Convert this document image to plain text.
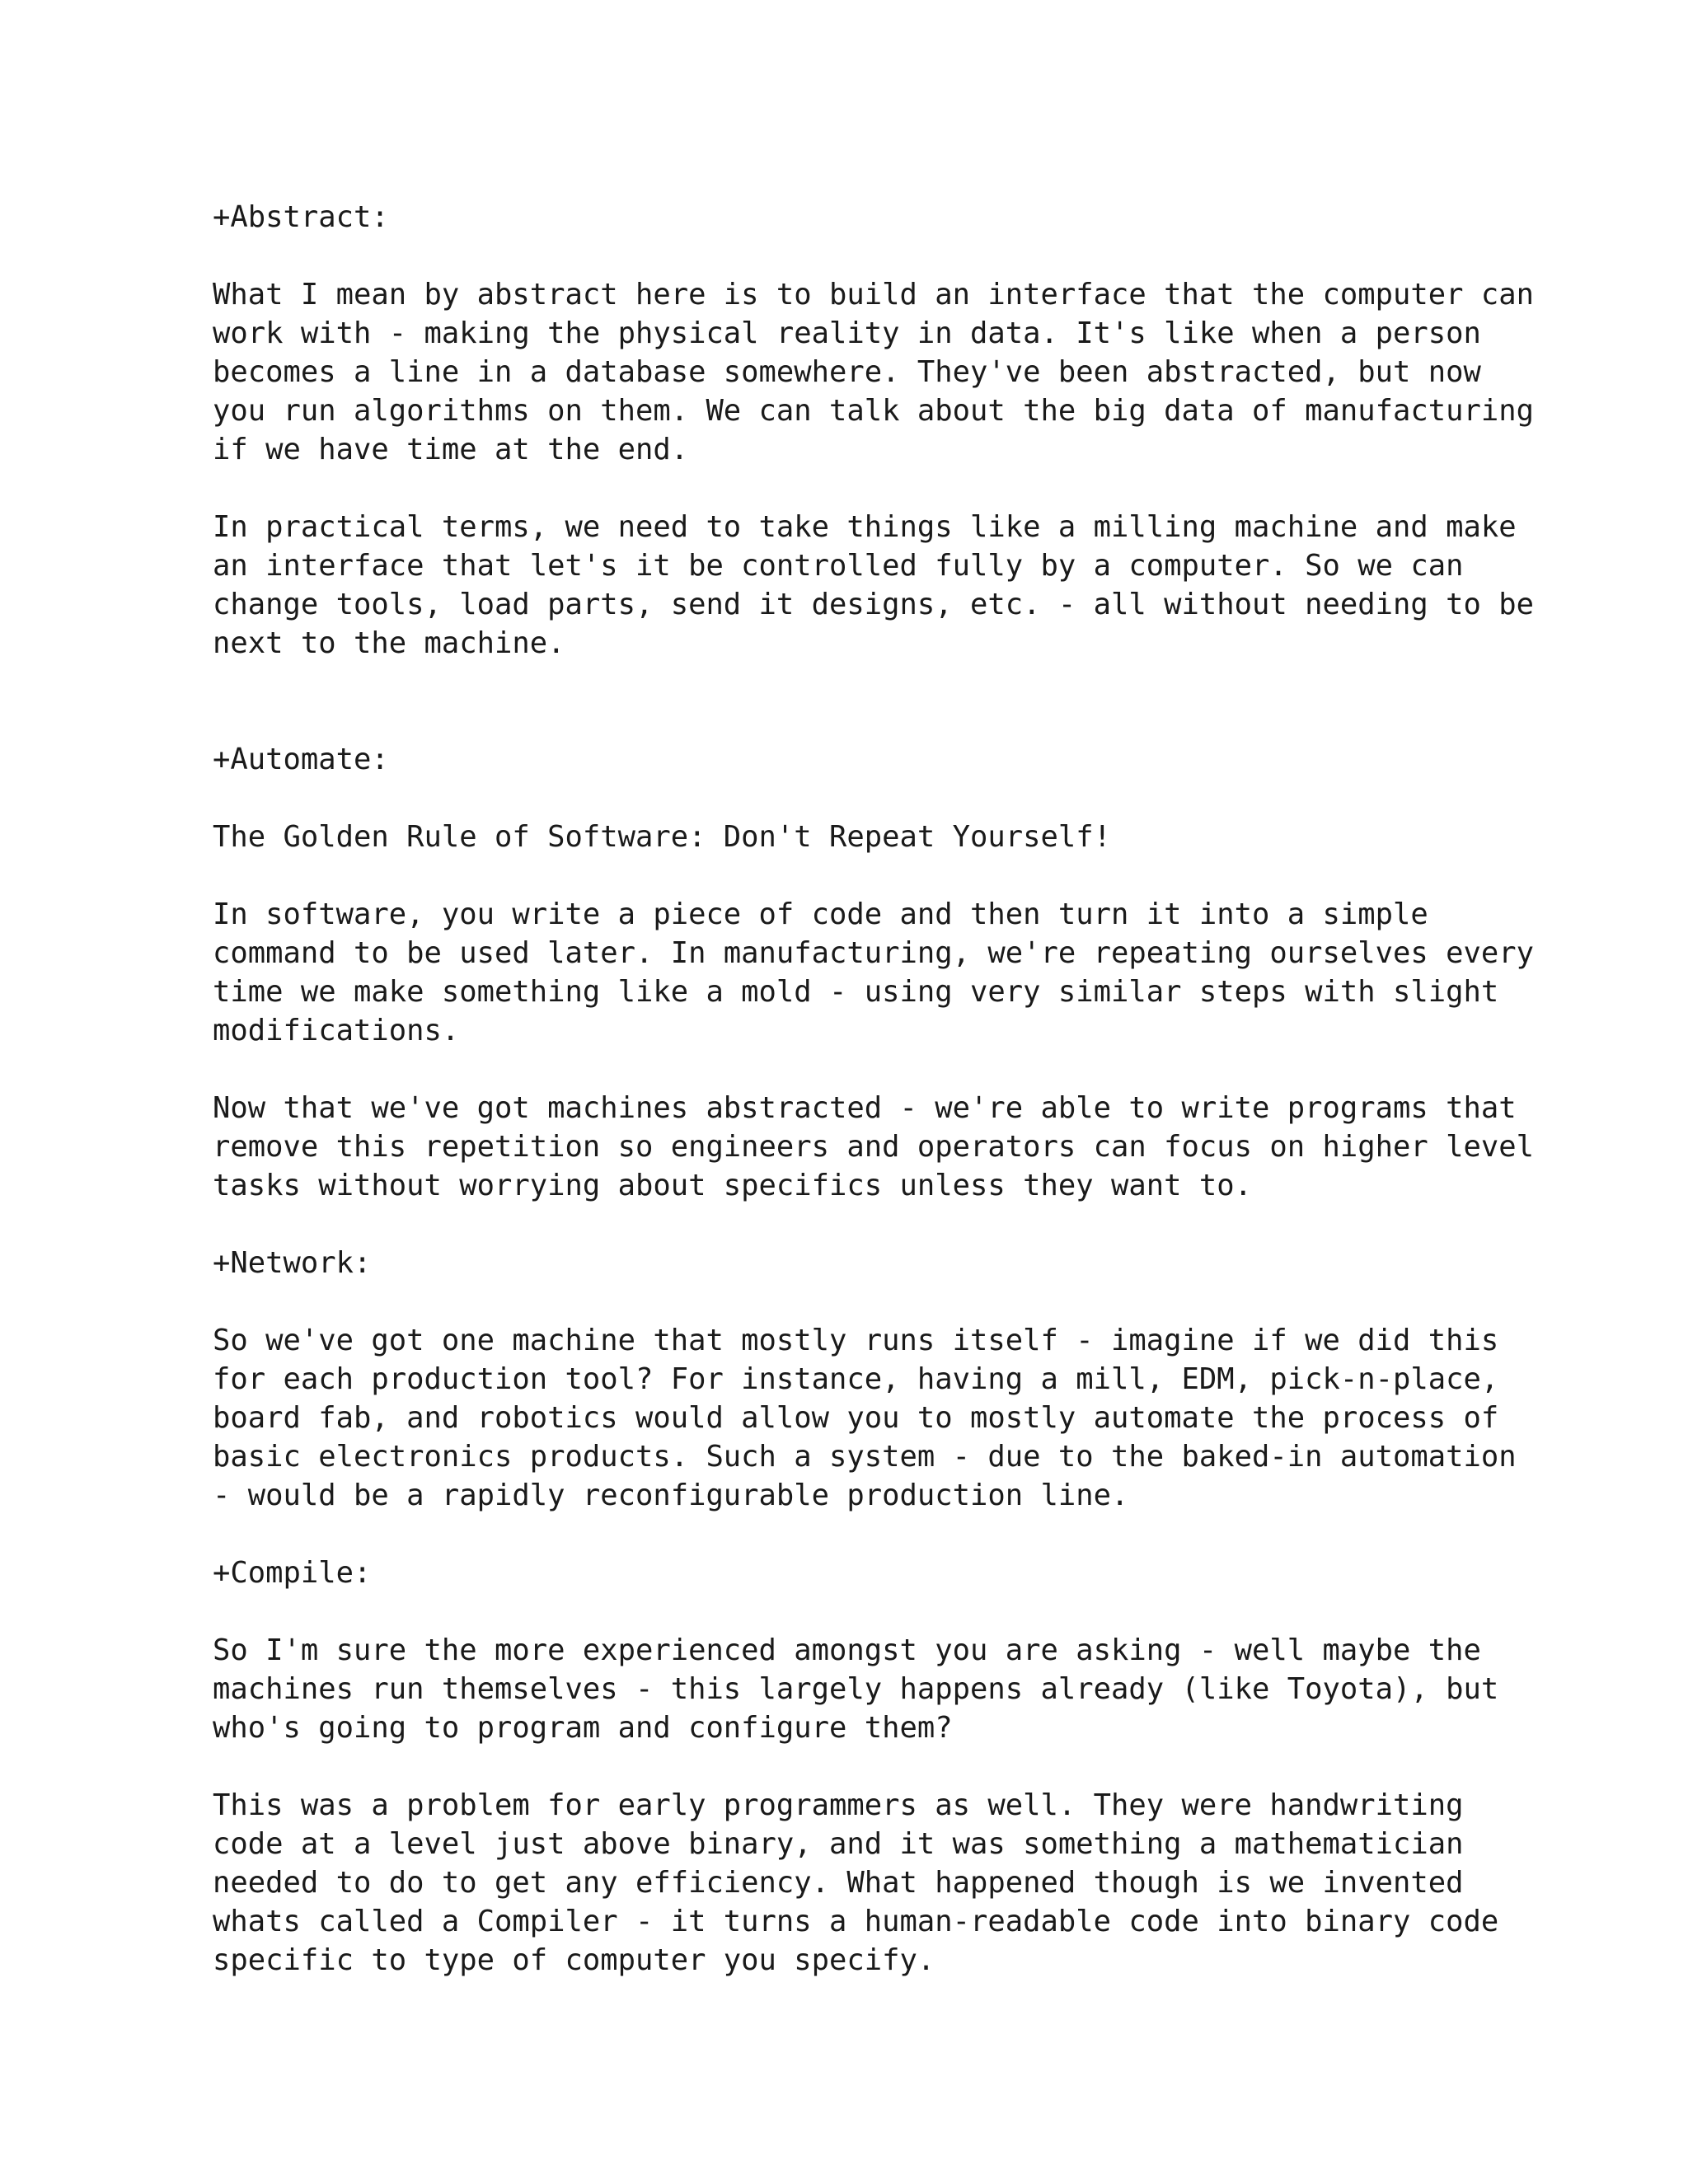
+Abstract:
What I mean by abstract here is to build an interface that the computer can
work with - making the physical reality in data. It's like when a person
becomes a line in a database somewhere. They've been abstracted, but now
you run algorithms on them. We can talk about the big data of manufacturing
if we have time at the end.
In practical terms, we need to take things like a milling machine and make
an interface that let's it be controlled fully by a computer. So we can
change tools, load parts, send it designs, etc. - all without needing to be
next to the machine.
+Automate:
The Golden Rule of Software: Don't Repeat Yourself!
In software, you write a piece of code and then turn it into a simple
command to be used later. In manufacturing, we're repeating ourselves every
time we make something like a mold - using very similar steps with slight
modifications.
Now that we've got machines abstracted - we're able to write programs that
remove this repetition so engineers and operators can focus on higher level
tasks without worrying about specifics unless they want to.
+Network:
So we've got one machine that mostly runs itself - imagine if we did this
for each production tool? For instance, having a mill, EDM, pick-n-place,
board fab, and robotics would allow you to mostly automate the process of
basic electronics products. Such a system - due to the baked-in automation
- would be a rapidly reconfigurable production line.
+Compile:
So I'm sure the more experienced amongst you are asking - well maybe the
machines run themselves - this largely happens already (like Toyota), but
who's going to program and configure them?
This was a problem for early programmers as well. They were handwriting
code at a level just above binary, and it was something a mathematician
needed to do to get any efficiency. What happened though is we invented
whats called a Compiler - it turns a human-readable code into binary code
specific to type of computer you specify.
